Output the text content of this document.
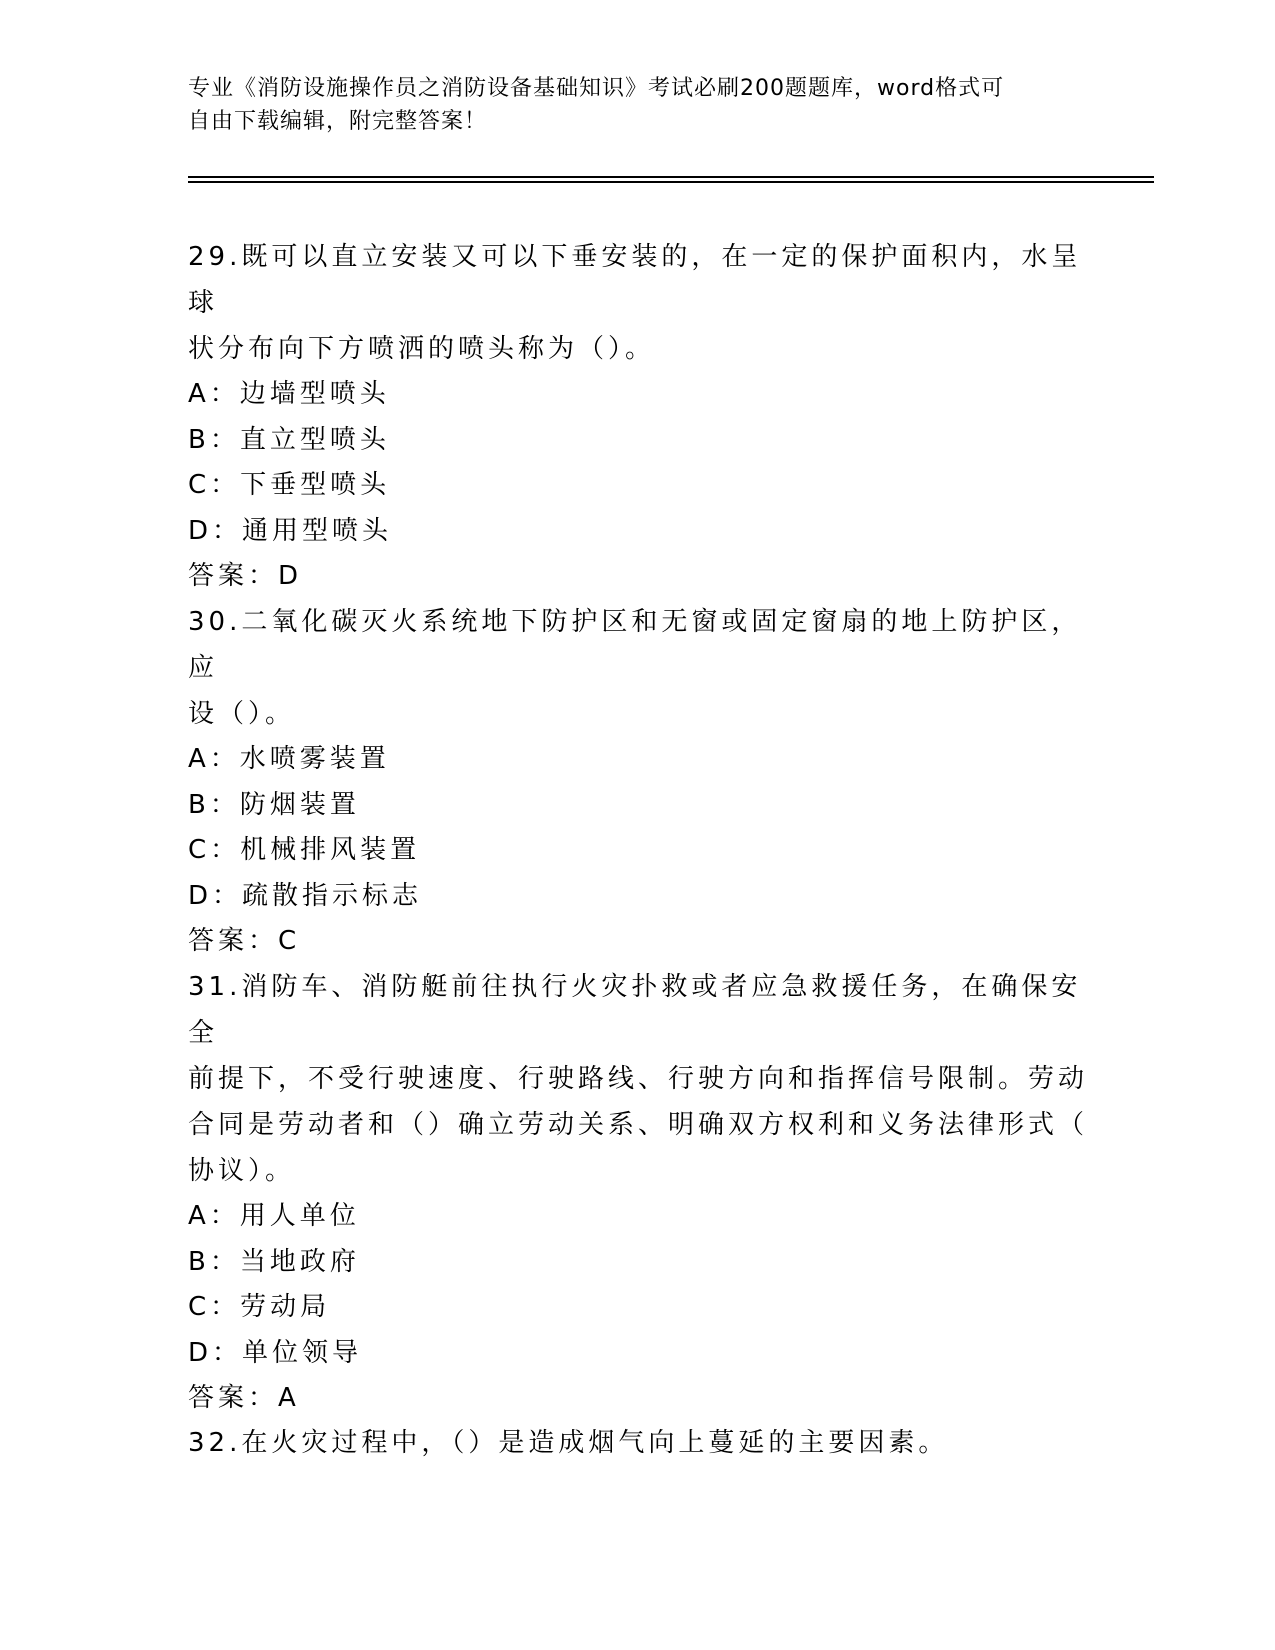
专业《消防设施操作员之消防设备基础知识》考试必刷200题题库，word格式可
自由下载编辑，附完整答案！
29.既可以直立安装又可以下垂安装的，在一定的保护面积内，水呈球
状分布向下方喷洒的喷头称为（）。
A：边墙型喷头
B：直立型喷头
C：下垂型喷头
D：通用型喷头
答案：D
30.二氧化碳灭火系统地下防护区和无窗或固定窗扇的地上防护区，应
设（）。
A：水喷雾装置
B：防烟装置
C：机械排风装置
D：疏散指示标志
答案：C
31.消防车、消防艇前往执行火灾扑救或者应急救援任务，在确保安全
前提下，不受行驶速度、行驶路线、行驶方向和指挥信号限制。劳动
合同是劳动者和（）确立劳动关系、明确双方权利和义务法律形式（
协议）。
A：用人单位
B：当地政府
C：劳动局
D：单位领导
答案：A
32.在火灾过程中，（）是造成烟气向上蔓延的主要因素。
